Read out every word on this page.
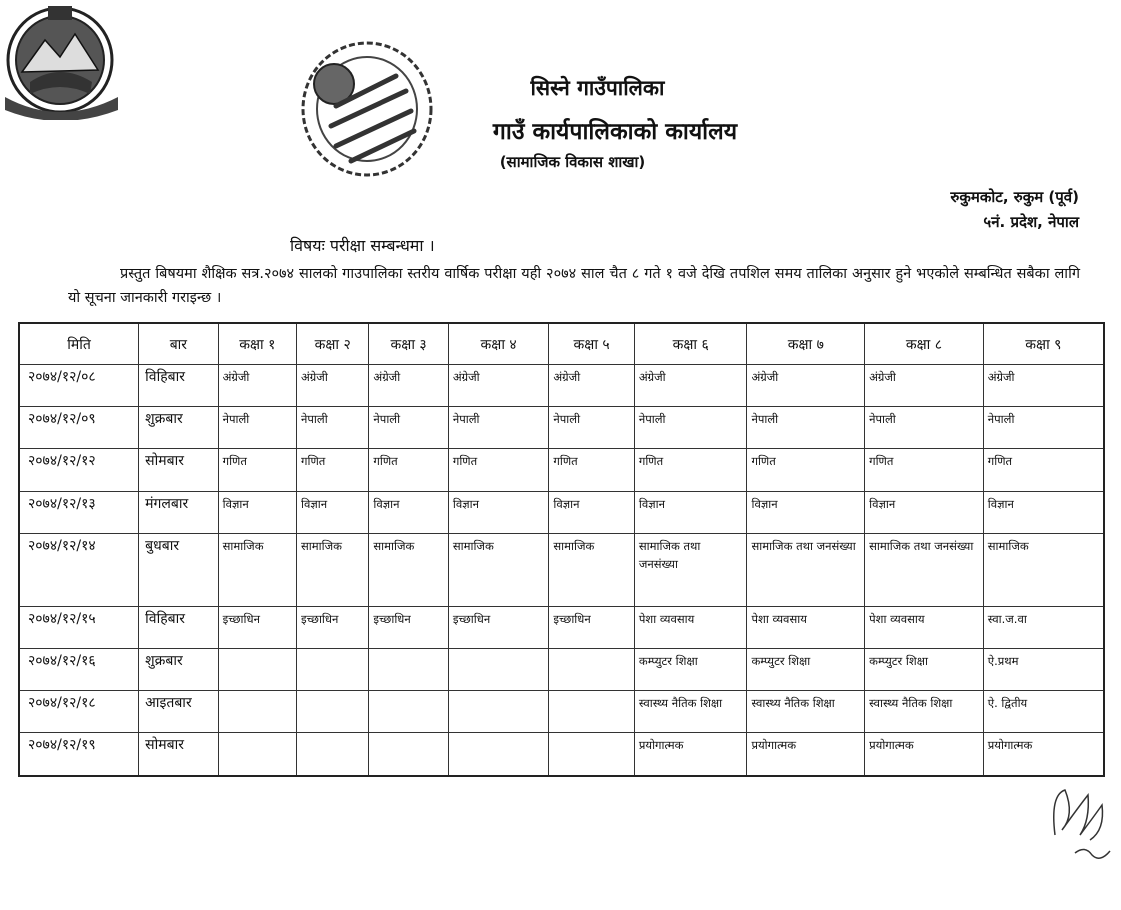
सिस्ने गाउँपालिका
गाउँ कार्यपालिकाको कार्यालय
(सामाजिक विकास शाखा)
रुकुमकोट, रुकुम (पूर्व)
५नं. प्रदेश, नेपाल
विषयः परीक्षा सम्बन्धमा ।
प्रस्तुत बिषयमा शैक्षिक सत्र.२०७४ सालको गाउपालिका स्तरीय वार्षिक परीक्षा यही २०७४ साल चैत ८ गते १ वजे देखि तपशिल समय तालिका अनुसार हुने भएकोले सम्बन्धित सबैका लागि यो सूचना जानकारी गराइन्छ ।
मिति	बार	कक्षा १	कक्षा २	कक्षा ३	कक्षा ४	कक्षा ५	कक्षा ६	कक्षा ७	कक्षा ८	कक्षा ९
२०७४/१२/०८	विहिबार	अंग्रेजी	अंग्रेजी	अंग्रेजी	अंग्रेजी	अंग्रेजी	अंग्रेजी	अंग्रेजी	अंग्रेजी	अंग्रेजी
२०७४/१२/०९	शुक्रबार	नेपाली	नेपाली	नेपाली	नेपाली	नेपाली	नेपाली	नेपाली	नेपाली	नेपाली
२०७४/१२/१२	सोमबार	गणित	गणित	गणित	गणित	गणित	गणित	गणित	गणित	गणित
२०७४/१२/१३	मंगलबार	विज्ञान	विज्ञान	विज्ञान	विज्ञान	विज्ञान	विज्ञान	विज्ञान	विज्ञान	विज्ञान
२०७४/१२/१४	बुधबार	सामाजिक	सामाजिक	सामाजिक	सामाजिक	सामाजिक	सामाजिक तथा जनसंख्या	सामाजिक तथा जनसंख्या	सामाजिक तथा जनसंख्या	सामाजिक
२०७४/१२/१५	विहिबार	इच्छाधिन	इच्छाधिन	इच्छाधिन	इच्छाधिन	इच्छाधिन	पेशा व्यवसाय	पेशा व्यवसाय	पेशा व्यवसाय	स्वा.ज.वा
२०७४/१२/१६	शुक्रबार						कम्प्युटर शिक्षा	कम्प्युटर शिक्षा	कम्प्युटर शिक्षा	ऐ.प्रथम
२०७४/१२/१८	आइतबार						स्वास्थ्य नैतिक शिक्षा	स्वास्थ्य नैतिक शिक्षा	स्वास्थ्य नैतिक शिक्षा	ऐ. द्वितीय
२०७४/१२/१९	सोमबार						प्रयोगात्मक	प्रयोगात्मक	प्रयोगात्मक	प्रयोगात्मक
